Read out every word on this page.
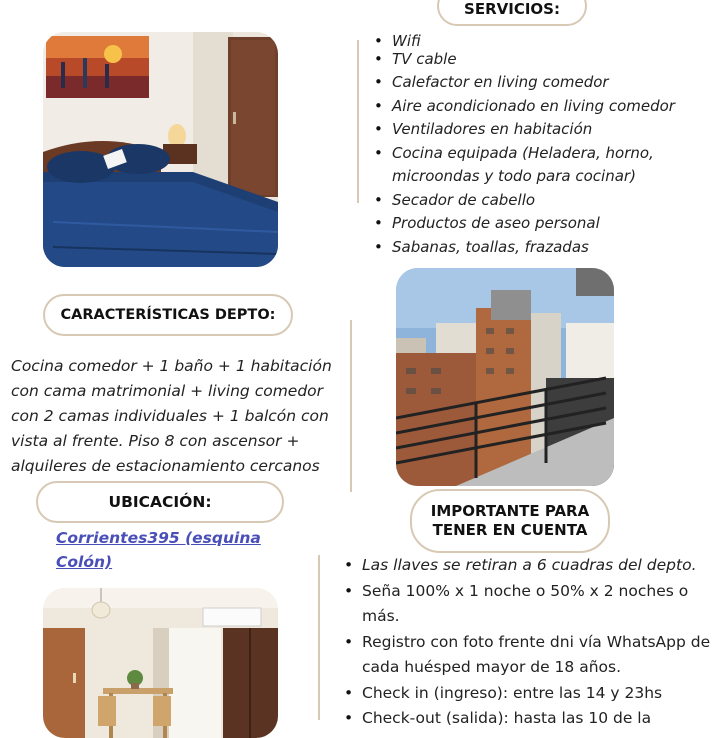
SERVICIOS:
• Wifi
• TV cable
• Calefactor en living comedor
• Aire acondicionado en living comedor
• Ventiladores en habitación
• Cocina equipada (Heladera, horno, microondas y todo para cocinar)
• Secador de cabello
• Productos de aseo personal
• Sabanas, toallas, frazadas
CARACTERÍSTICAS DEPTO:

Cocina comedor + 1 baño + 1 habitación con cama matrimonial + living comedor con 2 camas individuales + 1 balcón con vista al frente. Piso 8 con ascensor + alquileres de estacionamiento cercanos

UBICACIÓN:
Corrientes395 (esquina Colón)
IMPORTANTE PARA TENER EN CUENTA
• Las llaves se retiran a 6 cuadras del depto.
• Seña 100% x 1 noche o 50% x 2 noches o más.
• Registro con foto frente dni vía WhatsApp de cada huésped mayor de 18 años.
• Check in (ingreso): entre las 14 y 23hs
• Check-out (salida): hasta las 10 de la
